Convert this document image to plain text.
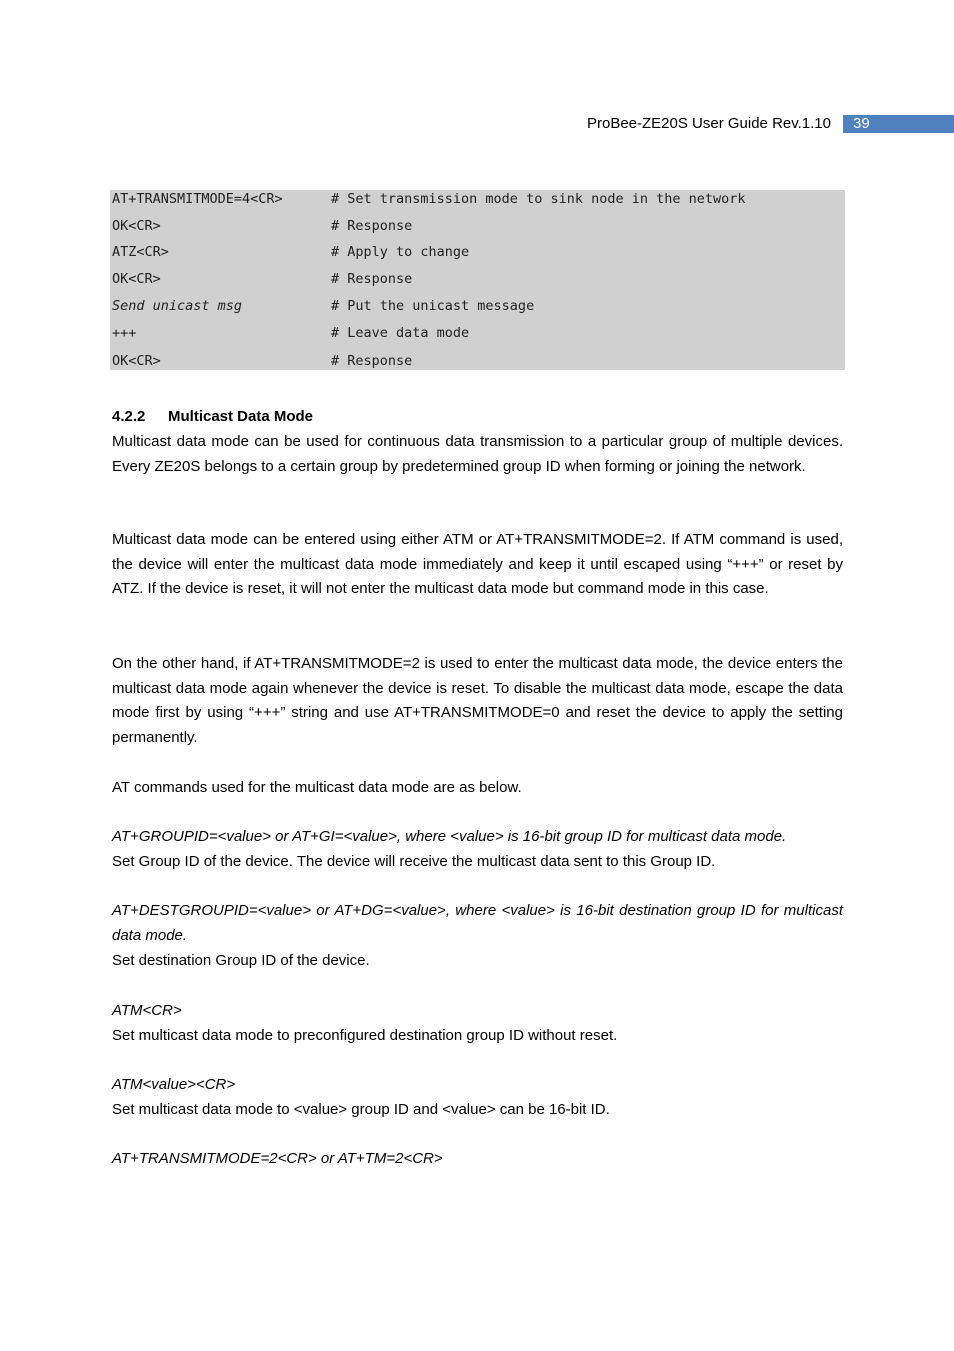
ProBee-ZE20S User Guide Rev.1.10	39
AT+TRANSMITMODE=4<CR>	# Set transmission mode to sink node in the network
OK<CR>	# Response
ATZ<CR>	# Apply to change
OK<CR>	# Response
Send unicast msg	# Put the unicast message
+++	# Leave data mode
OK<CR>	# Response
4.2.2 Multicast Data Mode
Multicast data mode can be used for continuous data transmission to a particular group of multiple devices. Every ZE20S belongs to a certain group by predetermined group ID when forming or joining the network.
Multicast data mode can be entered using either ATM or AT+TRANSMITMODE=2. If ATM command is used, the device will enter the multicast data mode immediately and keep it until escaped using “+++” or reset by ATZ. If the device is reset, it will not enter the multicast data mode but command mode in this case.
On the other hand, if AT+TRANSMITMODE=2 is used to enter the multicast data mode, the device enters the multicast data mode again whenever the device is reset. To disable the multicast data mode, escape the data mode first by using “+++” string and use AT+TRANSMITMODE=0 and reset the device to apply the setting permanently.
AT commands used for the multicast data mode are as below.
AT+GROUPID=<value> or AT+GI=<value>, where <value> is 16-bit group ID for multicast data mode.
Set Group ID of the device. The device will receive the multicast data sent to this Group ID.
AT+DESTGROUPID=<value> or AT+DG=<value>, where <value> is 16-bit destination group ID for multicast data mode.
Set destination Group ID of the device.
ATM<CR>
Set multicast data mode to preconfigured destination group ID without reset.
ATM<value><CR>
Set multicast data mode to <value> group ID and <value> can be 16-bit ID.
AT+TRANSMITMODE=2<CR> or AT+TM=2<CR>
